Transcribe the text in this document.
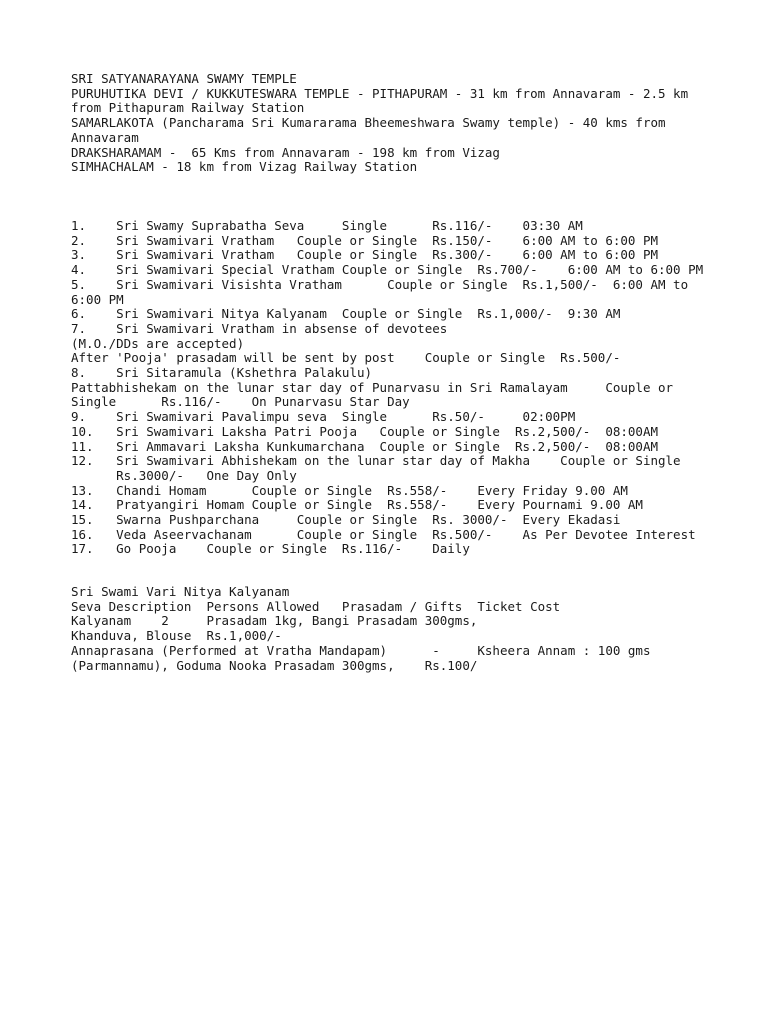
SRI SATYANARAYANA SWAMY TEMPLE
PURUHUTIKA DEVI / KUKKUTESWARA TEMPLE - PITHAPURAM - 31 km from Annavaram - 2.5 km
from Pithapuram Railway Station
SAMARLAKOTA (Pancharama Sri Kumararama Bheemeshwara Swamy temple) - 40 kms from
Annavaram
DRAKSHARAMAM -  65 Kms from Annavaram - 198 km from Vizag
SIMHACHALAM - 18 km from Vizag Railway Station
1.    Sri Swamy Suprabatha Seva     Single      Rs.116/-    03:30 AM
2.    Sri Swamivari Vratham   Couple or Single  Rs.150/-    6:00 AM to 6:00 PM
3.    Sri Swamivari Vratham   Couple or Single  Rs.300/-    6:00 AM to 6:00 PM
4.    Sri Swamivari Special Vratham Couple or Single  Rs.700/-    6:00 AM to 6:00 PM
5.    Sri Swamivari Visishta Vratham      Couple or Single  Rs.1,500/-  6:00 AM to
6:00 PM
6.    Sri Swamivari Nitya Kalyanam  Couple or Single  Rs.1,000/-  9:30 AM
7.    Sri Swamivari Vratham in absense of devotees
(M.O./DDs are accepted)
After 'Pooja' prasadam will be sent by post    Couple or Single  Rs.500/-
8.    Sri Sitaramula (Kshethra Palakulu)
Pattabhishekam on the lunar star day of Punarvasu in Sri Ramalayam     Couple or
Single      Rs.116/-    On Punarvasu Star Day
9.    Sri Swamivari Pavalimpu seva  Single      Rs.50/-     02:00PM
10.   Sri Swamivari Laksha Patri Pooja   Couple or Single  Rs.2,500/-  08:00AM
11.   Sri Ammavari Laksha Kunkumarchana  Couple or Single  Rs.2,500/-  08:00AM
12.   Sri Swamivari Abhishekam on the lunar star day of Makha    Couple or Single
Rs.3000/-   One Day Only
13.   Chandi Homam      Couple or Single  Rs.558/-    Every Friday 9.00 AM
14.   Pratyangiri Homam Couple or Single  Rs.558/-    Every Pournami 9.00 AM
15.   Swarna Pushparchana     Couple or Single  Rs. 3000/-  Every Ekadasi
16.   Veda Aseervachanam      Couple or Single  Rs.500/-    As Per Devotee Interest
17.   Go Pooja    Couple or Single  Rs.116/-    Daily
Sri Swami Vari Nitya Kalyanam
Seva Description  Persons Allowed   Prasadam / Gifts  Ticket Cost
Kalyanam    2     Prasadam 1kg, Bangi Prasadam 300gms,
Khanduva, Blouse  Rs.1,000/-
Annaprasana (Performed at Vratha Mandapam)      -     Ksheera Annam : 100 gms
(Parmannamu), Goduma Nooka Prasadam 300gms,    Rs.100/
